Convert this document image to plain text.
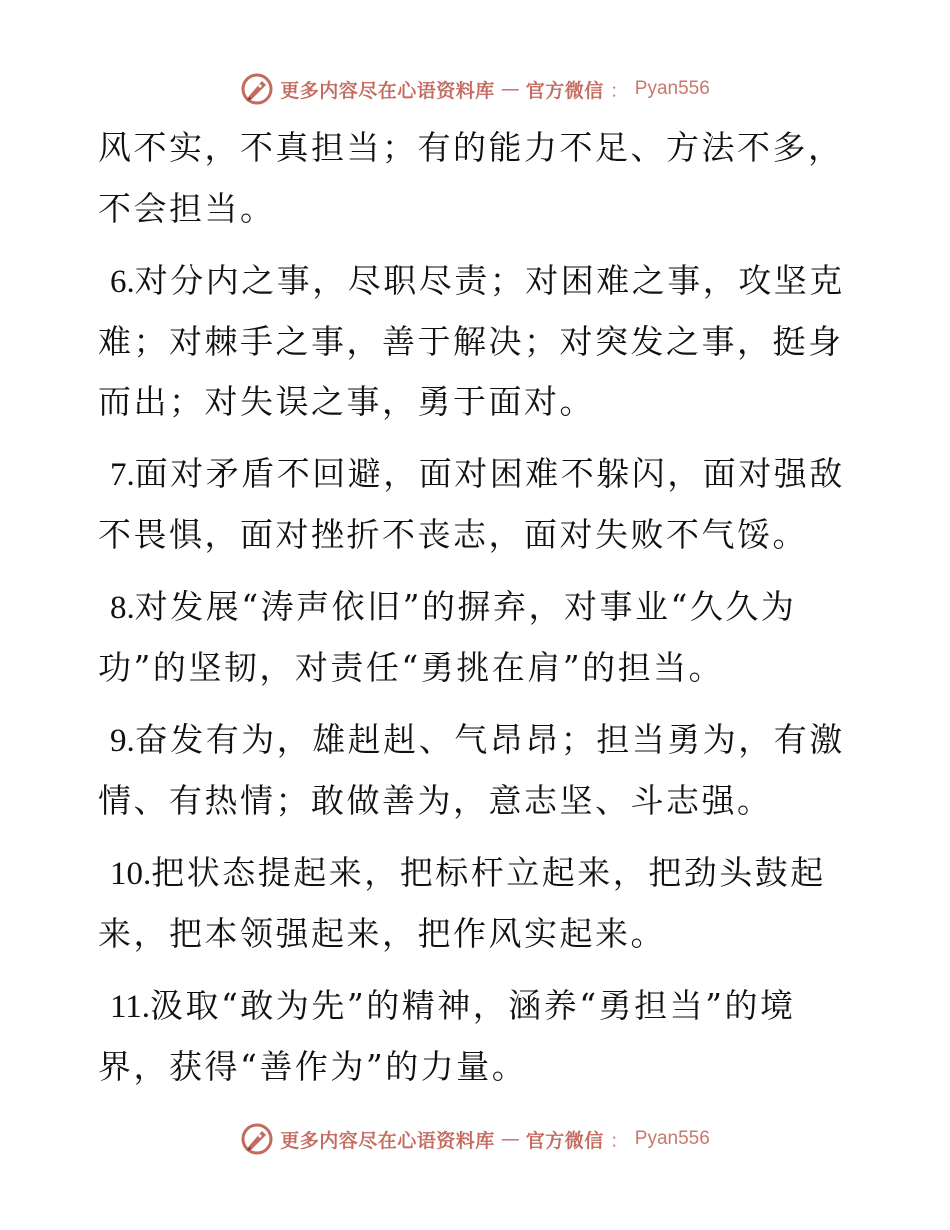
更多内容尽在心语资料库 — 官方微信 ： Pyan556

风不实，不真担当；有的能力不足、方法不多，不会担当。

6.对分内之事，尽职尽责；对困难之事，攻坚克难；对棘手之事，善于解决；对突发之事，挺身而出；对失误之事，勇于面对。

7.面对矛盾不回避，面对困难不躲闪，面对强敌不畏惧，面对挫折不丧志，面对失败不气馁。

8.对发展“涛声依旧”的摒弃，对事业“久久为功”的坚韧，对责任“勇挑在肩”的担当。

9.奋发有为，雄赳赳、气昂昂；担当勇为，有激情、有热情；敢做善为，意志坚、斗志强。

10.把状态提起来，把标杆立起来，把劲头鼓起来，把本领强起来，把作风实起来。

11.汲取“敢为先”的精神，涵养“勇担当”的境界，获得“善作为”的力量。

更多内容尽在心语资料库 — 官方微信 ： Pyan556
